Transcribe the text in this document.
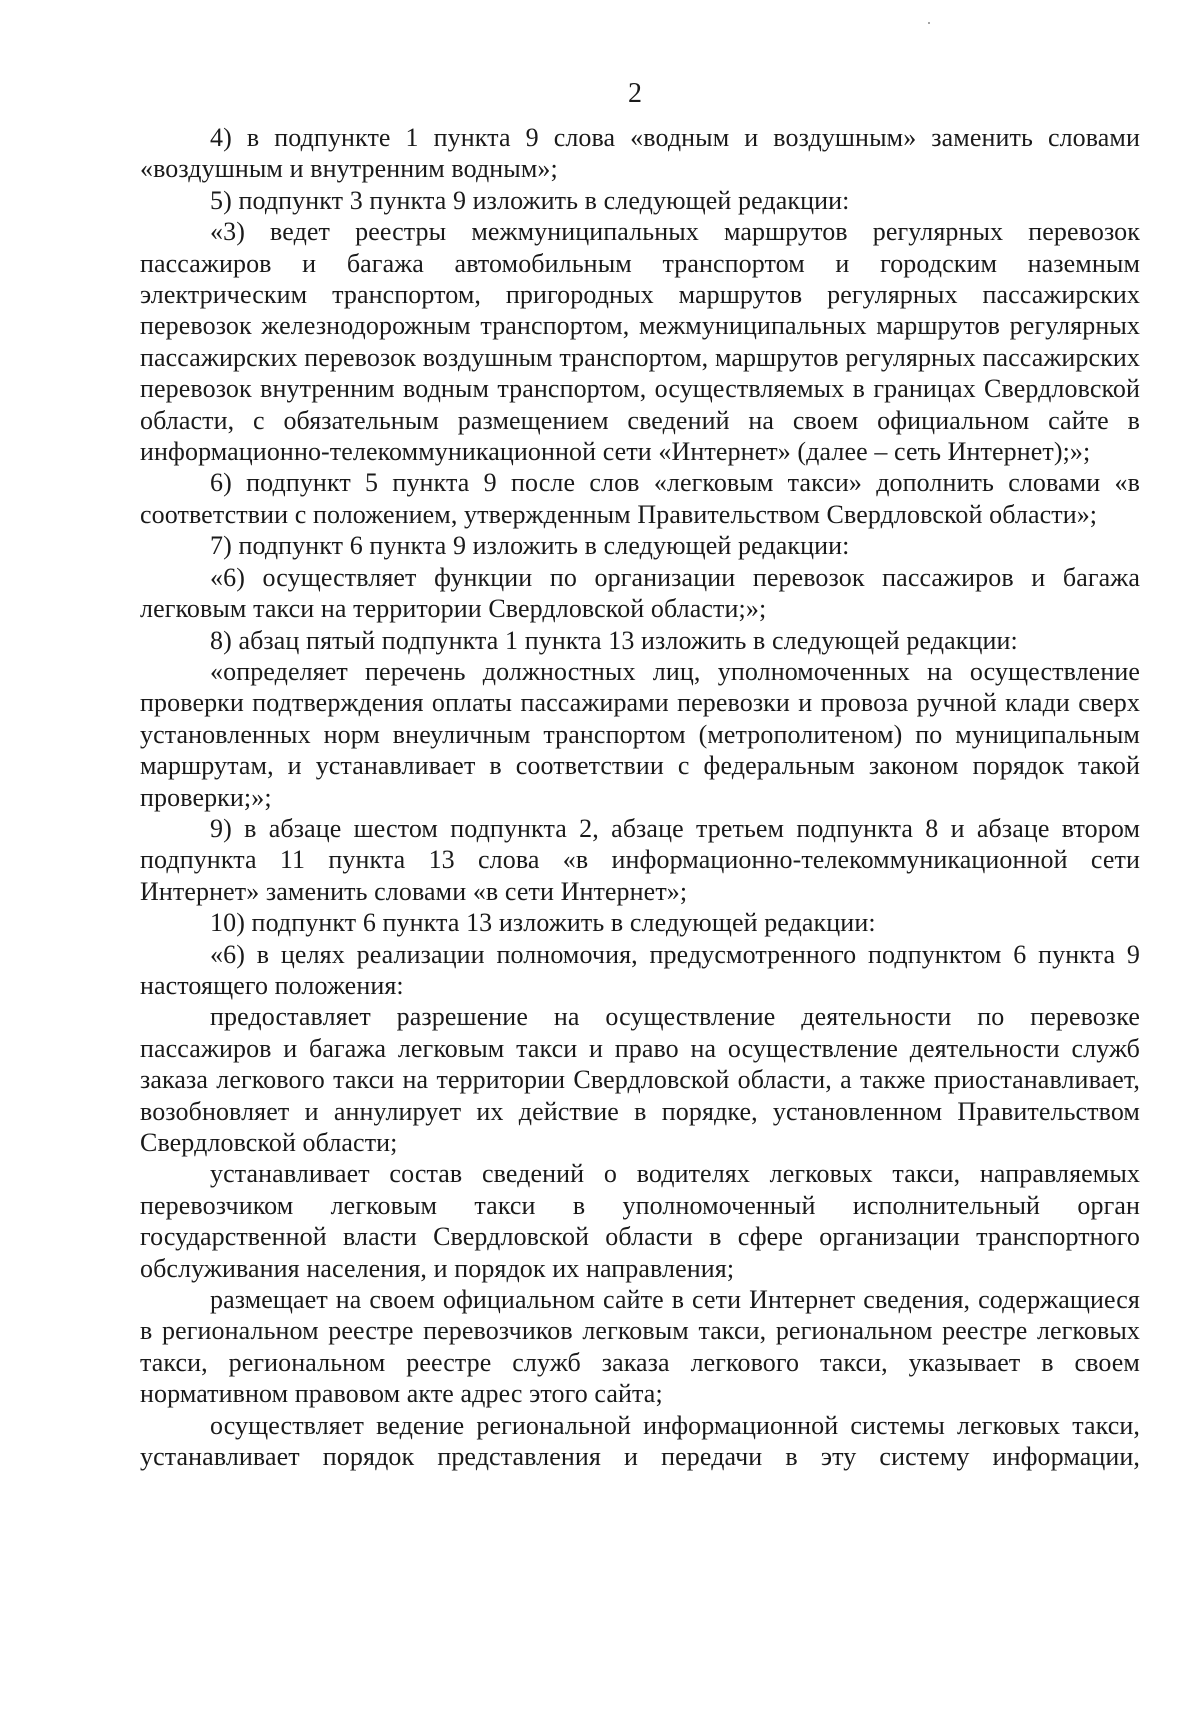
2

4) в подпункте 1 пункта 9 слова «водным и воздушным» заменить словами «воздушным и внутренним водным»;

5) подпункт 3 пункта 9 изложить в следующей редакции:

«3) ведет реестры межмуниципальных маршрутов регулярных перевозок пассажиров и багажа автомобильным транспортом и городским наземным электрическим транспортом, пригородных маршрутов регулярных пассажирских перевозок железнодорожным транспортом, межмуниципальных маршрутов регулярных пассажирских перевозок воздушным транспортом, маршрутов регулярных пассажирских перевозок внутренним водным транспортом, осуществляемых в границах Свердловской области, с обязательным размещением сведений на своем официальном сайте в информационно-телекоммуникационной сети «Интернет» (далее – сеть Интернет);»;

6) подпункт 5 пункта 9 после слов «легковым такси» дополнить словами «в соответствии с положением, утвержденным Правительством Свердловской области»;

7) подпункт 6 пункта 9 изложить в следующей редакции:

«6) осуществляет функции по организации перевозок пассажиров и багажа легковым такси на территории Свердловской области;»;

8) абзац пятый подпункта 1 пункта 13 изложить в следующей редакции:

«определяет перечень должностных лиц, уполномоченных на осуществление проверки подтверждения оплаты пассажирами перевозки и провоза ручной клади сверх установленных норм внеуличным транспортом (метрополитеном) по муниципальным маршрутам, и устанавливает в соответствии с федеральным законом порядок такой проверки;»;

9) в абзаце шестом подпункта 2, абзаце третьем подпункта 8 и абзаце втором подпункта 11 пункта 13 слова «в информационно-телекоммуникационной сети Интернет» заменить словами «в сети Интернет»;

10) подпункт 6 пункта 13 изложить в следующей редакции:

«6) в целях реализации полномочия, предусмотренного подпунктом 6 пункта 9 настоящего положения:

предоставляет разрешение на осуществление деятельности по перевозке пассажиров и багажа легковым такси и право на осуществление деятельности служб заказа легкового такси на территории Свердловской области, а также приостанавливает, возобновляет и аннулирует их действие в порядке, установленном Правительством Свердловской области;

устанавливает состав сведений о водителях легковых такси, направляемых перевозчиком легковым такси в уполномоченный исполнительный орган государственной власти Свердловской области в сфере организации транспортного обслуживания населения, и порядок их направления;

размещает на своем официальном сайте в сети Интернет сведения, содержащиеся в региональном реестре перевозчиков легковым такси, региональном реестре легковых такси, региональном реестре служб заказа легкового такси, указывает в своем нормативном правовом акте адрес этого сайта;

осуществляет ведение региональной информационной системы легковых такси, устанавливает порядок представления и передачи в эту систему информации,
